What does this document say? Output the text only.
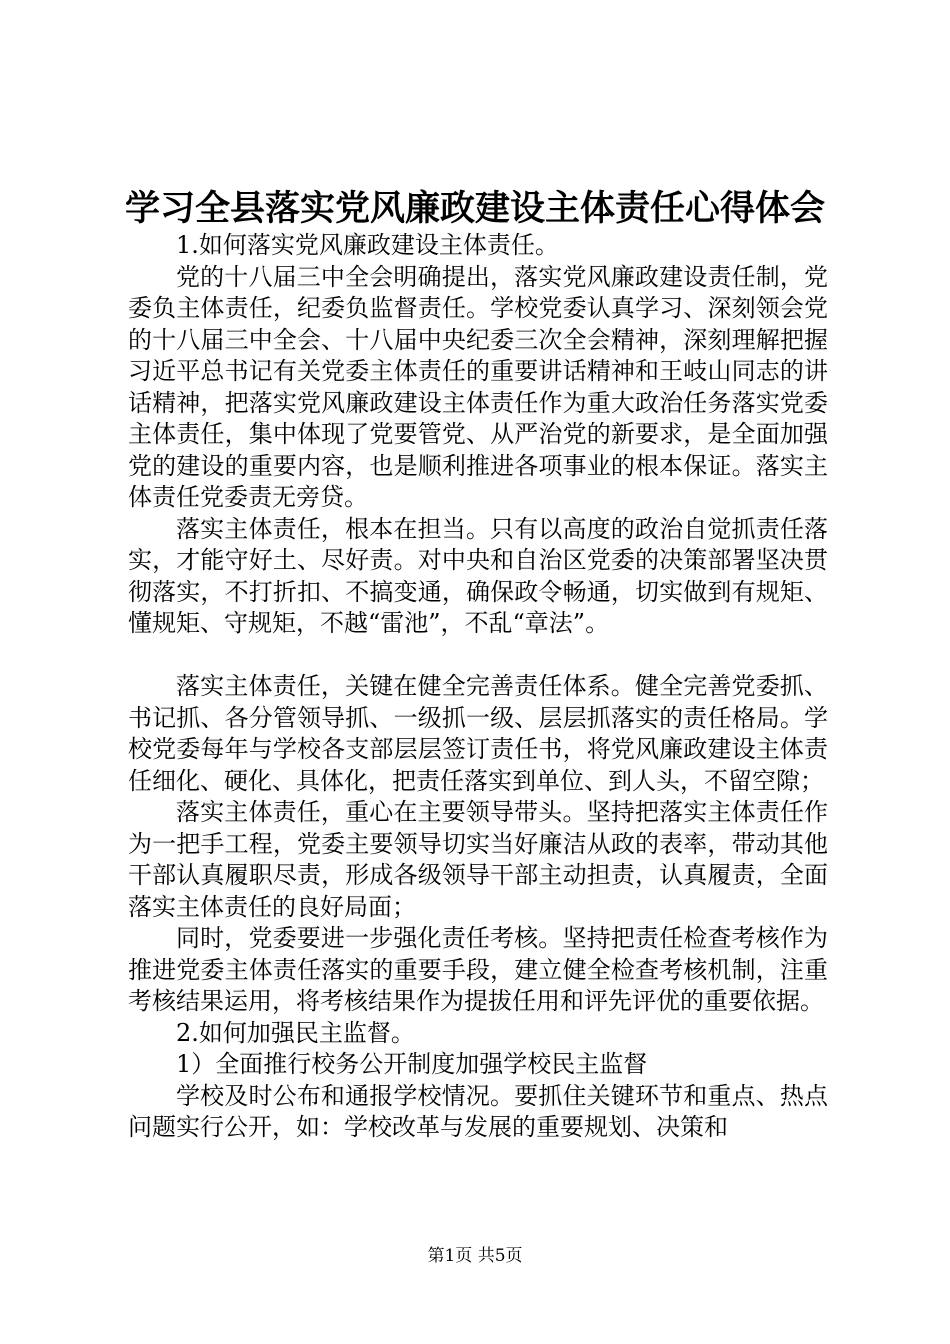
学习全县落实党风廉政建设主体责任心得体会

1.如何落实党风廉政建设主体责任。

党的十八届三中全会明确提出，落实党风廉政建设责任制，党委负主体责任，纪委负监督责任。学校党委认真学习、深刻领会党的十八届三中全会、十八届中央纪委三次全会精神，深刻理解把握习近平总书记有关党委主体责任的重要讲话精神和王岐山同志的讲话精神，把落实党风廉政建设主体责任作为重大政治任务落实党委主体责任，集中体现了党要管党、从严治党的新要求，是全面加强党的建设的重要内容，也是顺利推进各项事业的根本保证。落实主体责任党委责无旁贷。

落实主体责任，根本在担当。只有以高度的政治自觉抓责任落实，才能守好土、尽好责。对中央和自治区党委的决策部署坚决贯彻落实，不打折扣、不搞变通，确保政令畅通，切实做到有规矩、懂规矩、守规矩，不越“雷池”，不乱“章法”。

落实主体责任，关键在健全完善责任体系。健全完善党委抓、书记抓、各分管领导抓、一级抓一级、层层抓落实的责任格局。学校党委每年与学校各支部层层签订责任书，将党风廉政建设主体责任细化、硬化、具体化，把责任落实到单位、到人头，不留空隙；

落实主体责任，重心在主要领导带头。坚持把落实主体责任作为一把手工程，党委主要领导切实当好廉洁从政的表率，带动其他干部认真履职尽责，形成各级领导干部主动担责，认真履责，全面落实主体责任的良好局面；

同时，党委要进一步强化责任考核。坚持把责任检查考核作为推进党委主体责任落实的重要手段，建立健全检查考核机制，注重考核结果运用，将考核结果作为提拔任用和评先评优的重要依据。

2.如何加强民主监督。

1）全面推行校务公开制度加强学校民主监督

学校及时公布和通报学校情况。要抓住关键环节和重点、热点问题实行公开，如：学校改革与发展的重要规划、决策和

第1页 共5页
